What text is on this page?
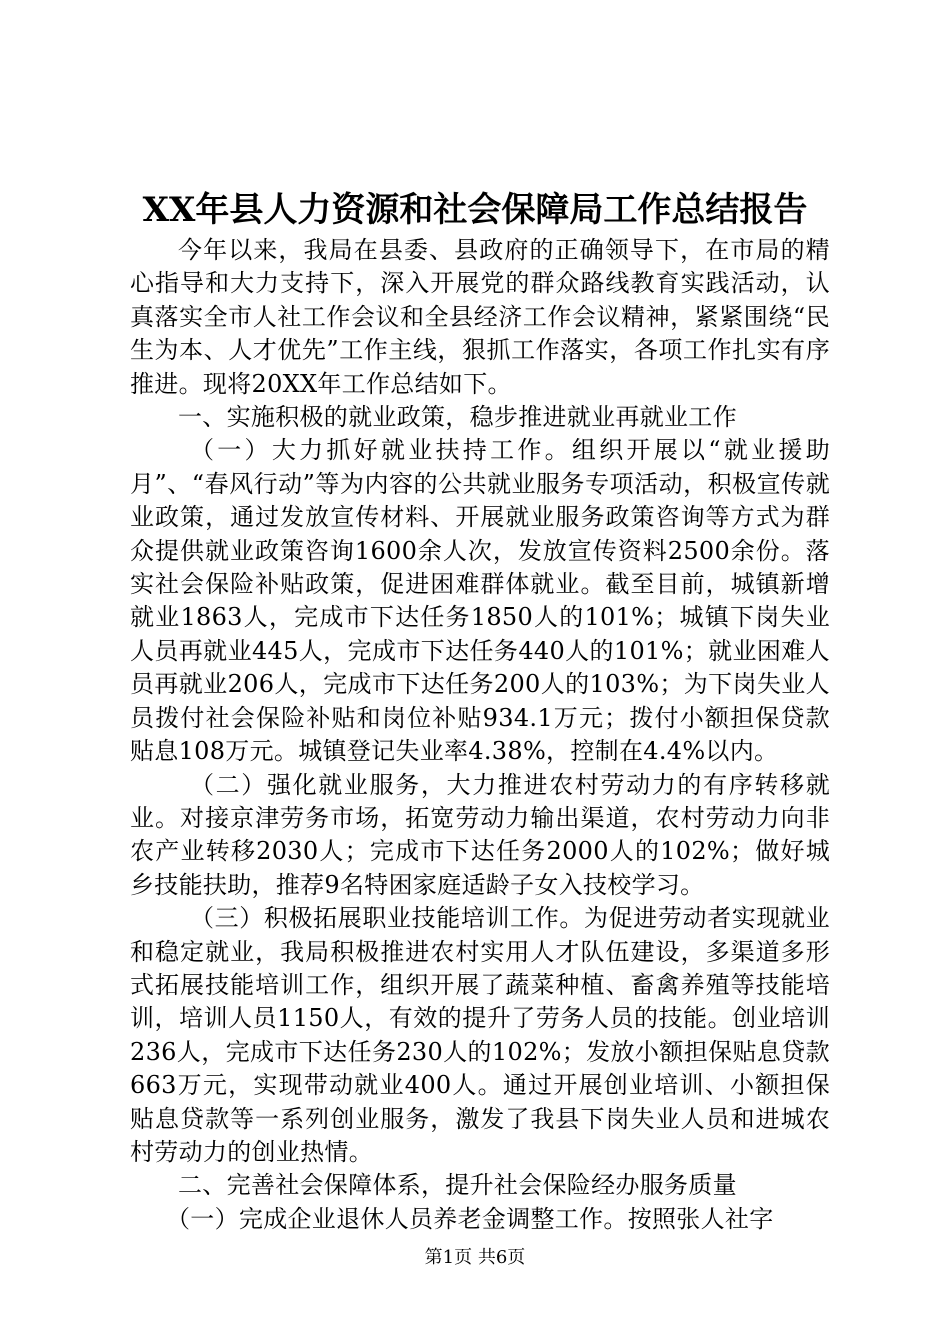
XX年县人力资源和社会保障局工作总结报告

今年以来，我局在县委、县政府的正确领导下，在市局的精心指导和大力支持下，深入开展党的群众路线教育实践活动，认真落实全市人社工作会议和全县经济工作会议精神，紧紧围绕“民生为本、人才优先”工作主线，狠抓工作落实，各项工作扎实有序推进。现将20XX年工作总结如下。

一、实施积极的就业政策，稳步推进就业再就业工作

（一）大力抓好就业扶持工作。组织开展以“就业援助月”、“春风行动”等为内容的公共就业服务专项活动，积极宣传就业政策，通过发放宣传材料、开展就业服务政策咨询等方式为群众提供就业政策咨询1600余人次，发放宣传资料2500余份。落实社会保险补贴政策，促进困难群体就业。截至目前，城镇新增就业1863人，完成市下达任务1850人的101%；城镇下岗失业人员再就业445人，完成市下达任务440人的101%；就业困难人员再就业206人，完成市下达任务200人的103%；为下岗失业人员拨付社会保险补贴和岗位补贴934.1万元；拨付小额担保贷款贴息108万元。城镇登记失业率4.38%，控制在4.4%以内。

（二）强化就业服务，大力推进农村劳动力的有序转移就业。对接京津劳务市场，拓宽劳动力输出渠道，农村劳动力向非农产业转移2030人；完成市下达任务2000人的102%；做好城乡技能扶助，推荐9名特困家庭适龄子女入技校学习。

（三）积极拓展职业技能培训工作。为促进劳动者实现就业和稳定就业，我局积极推进农村实用人才队伍建设，多渠道多形式拓展技能培训工作，组织开展了蔬菜种植、畜禽养殖等技能培训，培训人员1150人，有效的提升了劳务人员的技能。创业培训236人，完成市下达任务230人的102%；发放小额担保贴息贷款663万元，实现带动就业400人。通过开展创业培训、小额担保贴息贷款等一系列创业服务，激发了我县下岗失业人员和进城农村劳动力的创业热情。

二、完善社会保障体系，提升社会保险经办服务质量

（一）完成企业退休人员养老金调整工作。按照张人社字

第1页 共6页
